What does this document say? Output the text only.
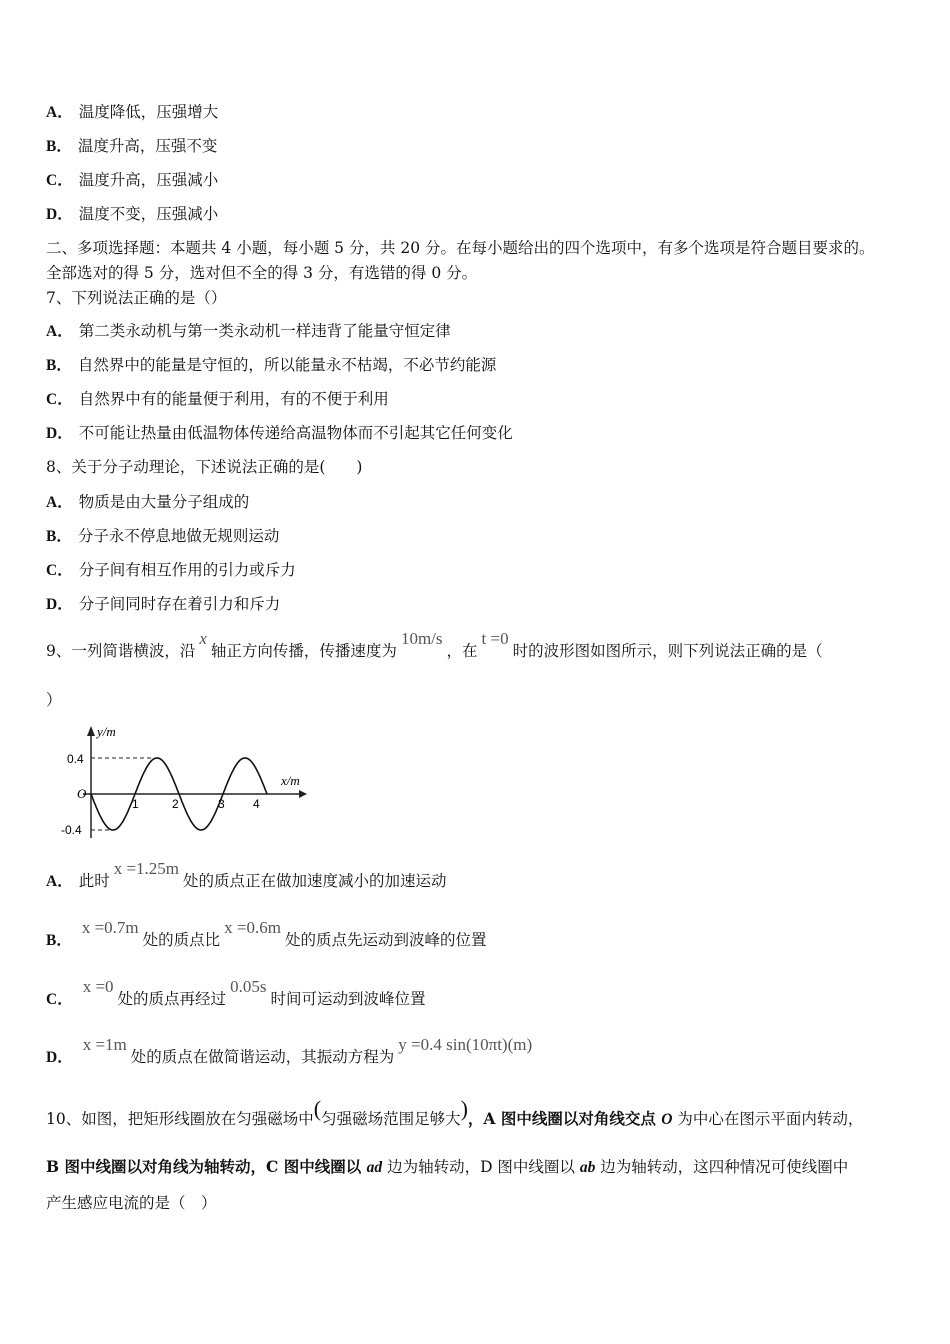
A． 温度降低，压强增大
B． 温度升高，压强不变
C． 温度升高，压强减小
D． 温度不变，压强减小
二、多项选择题：本题共 4 小题，每小题 5 分，共 20 分。在每小题给出的四个选项中，有多个选项是符合题目要求的。
全部选对的得 5 分，选对但不全的得 3 分，有选错的得 0 分。
7、下列说法正确的是（）
A． 第二类永动机与第一类永动机一样违背了能量守恒定律
B． 自然界中的能量是守恒的，所以能量永不枯竭，不必节约能源
C． 自然界中有的能量便于利用，有的不便于利用
D． 不可能让热量由低温物体传递给高温物体而不引起其它任何变化
8、关于分子动理论，下述说法正确的是(　　)
A． 物质是由大量分子组成的
B． 分子永不停息地做无规则运动
C． 分子间有相互作用的引力或斥力
D． 分子间同时存在着引力和斥力
9、一列简谐横波，沿x轴正方向传播，传播速度为10m/s，在t =0时的波形图如图所示，则下列说法正确的是（
）
y/m
x/m
O
0.4
-0.4
1	2	3 4
A． 此时x =1.25m处的质点正在做加速度减小的加速运动
B．x =0.7m处的质点比x =0.6m处的质点先运动到波峰的位置
C．x =0处的质点再经过0.05s时间可运动到波峰位置
D．x =1m处的质点在做简谐运动，其振动方程为y =0.4 sin(10πt)(m)
10、如图，把矩形线圈放在匀强磁场中(匀强磁场范围足够大)，A 图中线圈以对角线交点 O 为中心在图示平面内转动，
B 图中线圈以对角线为轴转动，C 图中线圈以 ad 边为轴转动，D 图中线圈以 ab 边为轴转动，这四种情况可使线圈中
产生感应电流的是（　）
